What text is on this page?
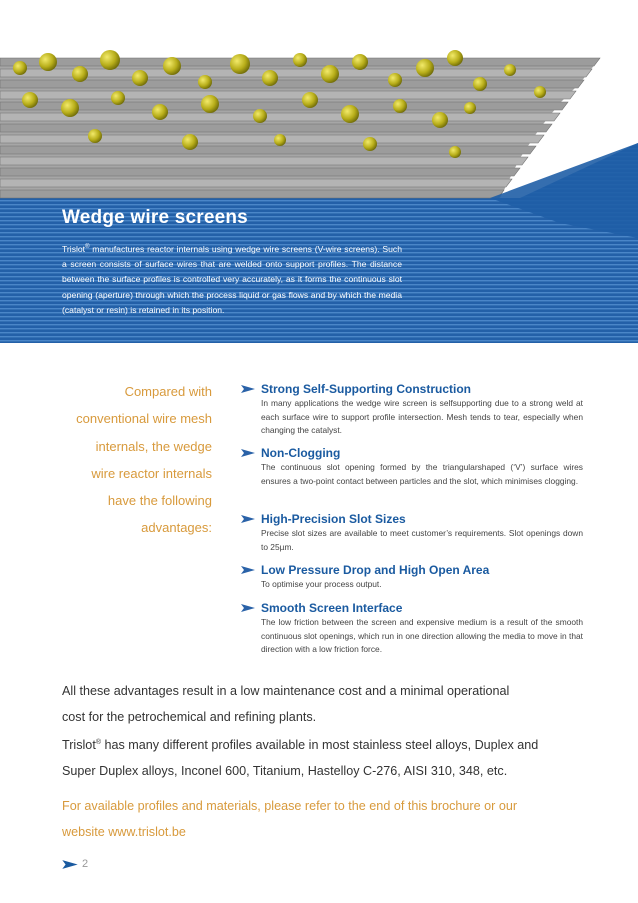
Wedge wire screens

Trislot® manufactures reactor internals using wedge wire screens (V-wire screens). Such a screen consists of surface wires that are welded onto support profiles. The distance between the surface profiles is controlled very accurately, as it forms the continuous slot opening (aperture) through which the process liquid or gas flows and by which the media (catalyst or resin) is retained in its position.

Compared with
conventional wire mesh
internals, the wedge
wire reactor internals
have the following
advantages:
Strong Self-Supporting Construction

In many applications the wedge wire screen is selfsupporting due to a strong weld at each surface wire to support profile intersection. Mesh tends to tear, especially when changing the catalyst.

Non-Clogging

The continuous slot opening formed by the triangularshaped (‘V’) surface wires ensures a two-point contact between particles and the slot, which minimises clogging.

High-Precision Slot Sizes

Precise slot sizes are available to meet customer’s requirements. Slot openings down to 25µm.

Low Pressure Drop and High Open Area

To optimise your process output.

Smooth Screen Interface

The low friction between the screen and expensive medium is a result of the smooth continuous slot openings, which run in one direction allowing the media to move in that direction with a low friction force.

All these advantages result in a low maintenance cost and a minimal operational
cost for the petrochemical and refining plants.
Trislot® has many different profiles available in most stainless steel alloys, Duplex and
Super Duplex alloys, Inconel 600, Titanium, Hastelloy C-276, AISI 310, 348, etc.

For available profiles and materials, please refer to the end of this brochure or our
website www.trislot.be

2
